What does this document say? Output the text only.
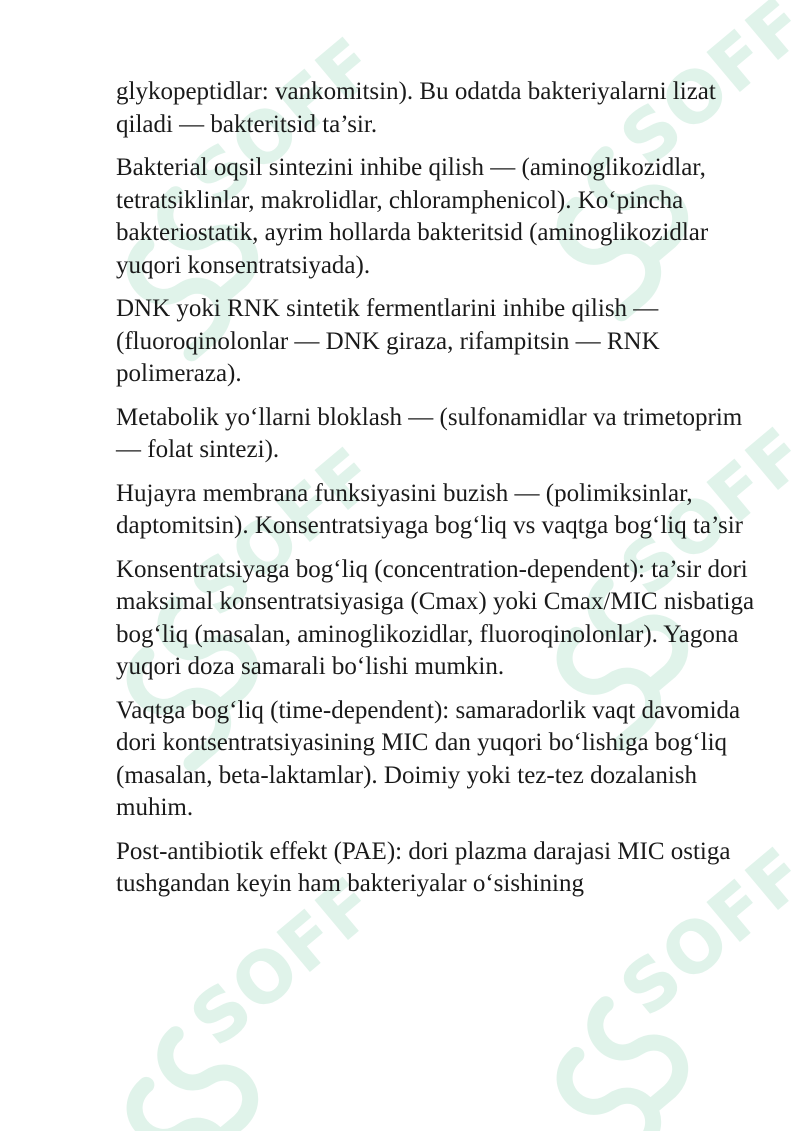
SOFF

glykopeptidlar: vankomitsin). Bu odatda bakteriyalarni lizat qiladi — bakteritsid ta’sir.

Bakterial oqsil sintezini inhibe qilish — (aminoglikozidlar, tetratsiklinlar, makrolidlar, chloramphenicol). Ko‘pincha bakteriostatik, ayrim hollarda bakteritsid (aminoglikozidlar yuqori konsentratsiyada).

DNK yoki RNK sintetik fermentlarini inhibe qilish — (fluoroqinolonlar — DNK giraza, rifampitsin — RNK polimeraza).

Metabolik yo‘llarni bloklash — (sulfonamidlar va trimetoprim — folat sintezi).

Hujayra membrana funksiyasini buzish — (polimiksinlar, daptomitsin). Konsentratsiyaga bog‘liq vs vaqtga bog‘liq ta’sir

Konsentratsiyaga bog‘liq (concentration-dependent): ta’sir dori maksimal konsentratsiyasiga (Cmax) yoki Cmax/MIC nisbatiga bog‘liq (masalan, aminoglikozidlar, fluoroqinolonlar). Yagona yuqori doza samarali bo‘lishi mumkin.

Vaqtga bog‘liq (time-dependent): samaradorlik vaqt davomida dori kontsentratsiyasining MIC dan yuqori bo‘lishiga bog‘liq (masalan, beta-laktamlar). Doimiy yoki tez-tez dozalanish muhim.

Post-antibiotik effekt (PAE): dori plazma darajasi MIC ostiga tushgandan keyin ham bakteriyalar o‘sishining
